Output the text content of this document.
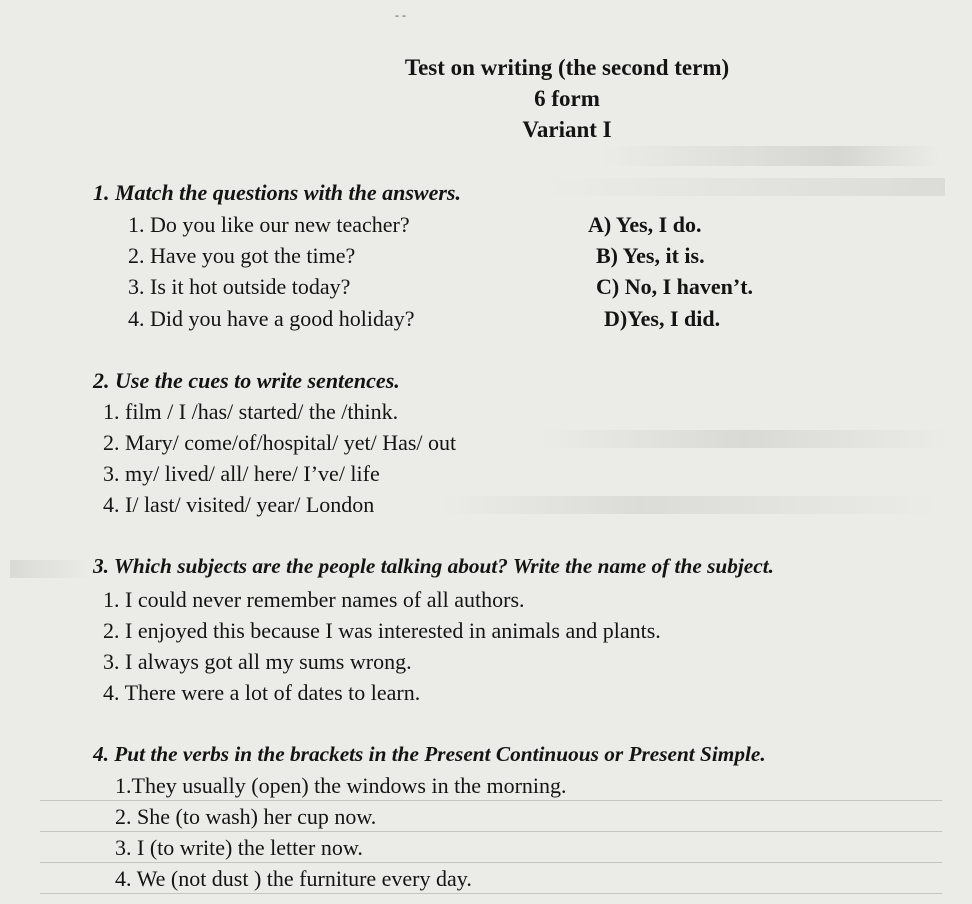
- -
Test on writing (the second term)
6 form
Variant I
1. Match the questions with the answers.
1. Do you like our new teacher?
2. Have you got the time?
3. Is it hot outside today?
4. Did you have a good holiday?
A) Yes, I do.
B) Yes, it is.
C) No, I haven’t.
D)Yes, I did.
2. Use the cues to write sentences.
1. film / I /has/ started/ the /think.
2. Mary/ come/of/hospital/ yet/ Has/ out
3. my/ lived/ all/ here/ I’ve/ life
4. I/ last/ visited/ year/ London
3. Which subjects are the people talking about? Write the name of the subject.
1. I could never remember names of all authors.
2. I enjoyed this because I was interested in animals and plants.
3. I always got all my sums wrong.
4. There were a lot of dates to learn.
4. Put the verbs in the brackets in the Present Continuous or Present Simple.
1.They usually (open) the windows in the morning.
2. She (to wash) her cup now.
3. I (to write) the letter now.
4. We (not dust ) the furniture every day.
